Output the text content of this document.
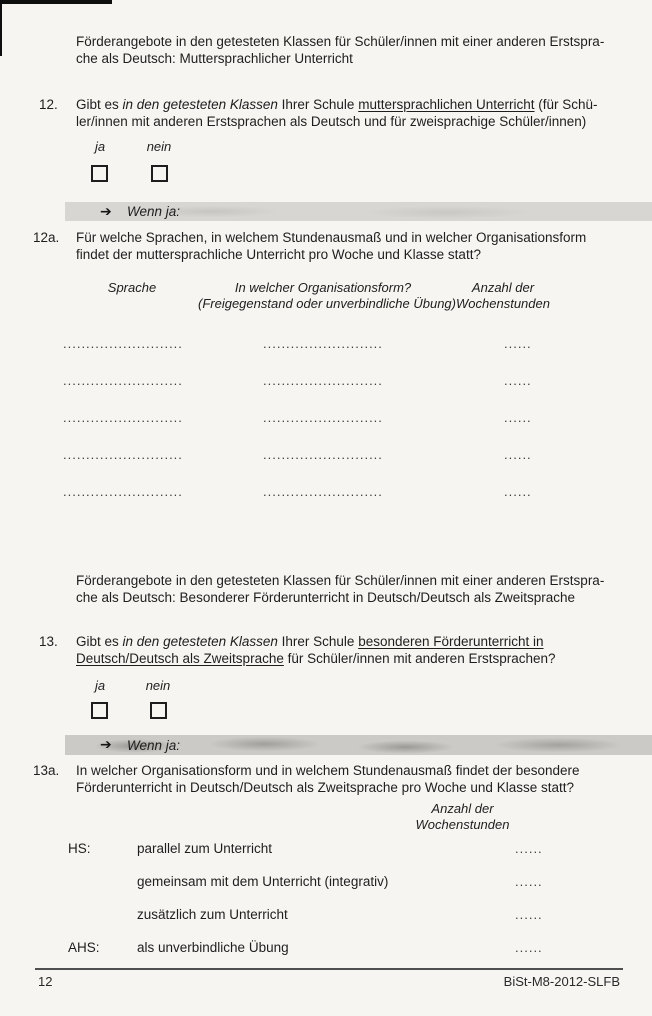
Förderangebote in den getesteten Klassen für Schüler/innen mit einer anderen Erstspra-
che als Deutsch: Muttersprachlicher Unterricht
12. Gibt es in den getesteten Klassen Ihrer Schule muttersprachlichen Unterricht (für Schü-
ler/innen mit anderen Erstsprachen als Deutsch und für zweisprachige Schüler/innen)
ja	nein
➔ Wenn ja:
12a. Für welche Sprachen, in welchem Stundenausmaß und in welcher Organisationsform
findet der muttersprachliche Unterricht pro Woche und Klasse statt?
Sprache	In welcher Organisationsform?
(Freigegenstand oder unverbindliche Übung)
Anzahl der
Wochenstunden
..........................	..........................	......
..........................	..........................	......
..........................	..........................	......
..........................	..........................	......
..........................	..........................	......
Förderangebote in den getesteten Klassen für Schüler/innen mit einer anderen Erstspra-
che als Deutsch: Besonderer Förderunterricht in Deutsch/Deutsch als Zweitsprache
13. Gibt es in den getesteten Klassen Ihrer Schule besonderen Förderunterricht in
Deutsch/Deutsch als Zweitsprache für Schüler/innen mit anderen Erstsprachen?
ja	nein
➔ Wenn ja:
13a. In welcher Organisationsform und in welchem Stundenausmaß findet der besondere
Förderunterricht in Deutsch/Deutsch als Zweitsprache pro Woche und Klasse statt?
Anzahl der
Wochenstunden
HS:	parallel zum Unterricht	......
gemeinsam mit dem Unterricht (integrativ)	......
zusätzlich zum Unterricht	......
AHS:	als unverbindliche Übung	......
12	BiSt-M8-2012-SLFB
